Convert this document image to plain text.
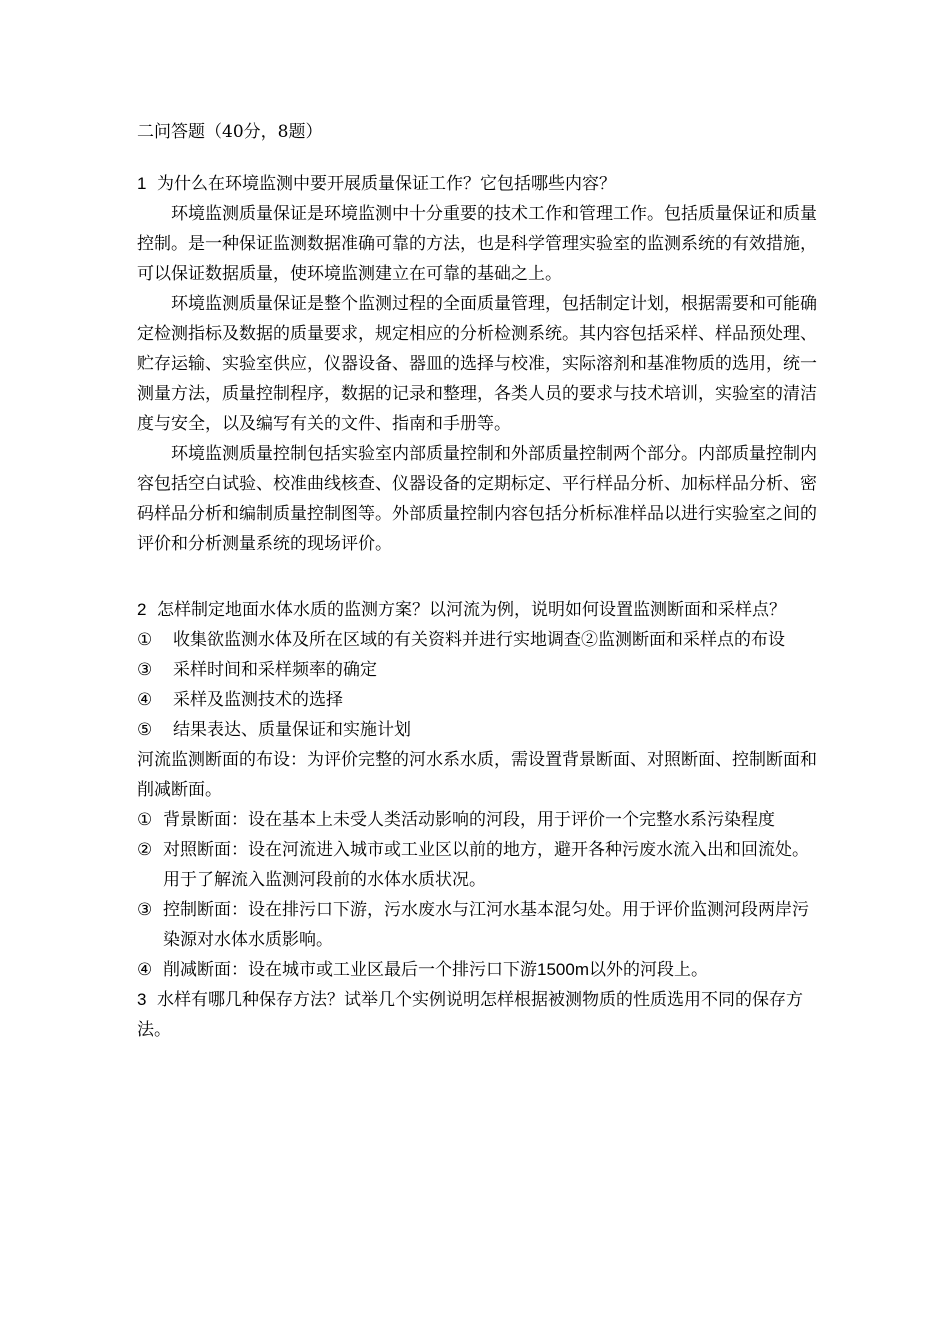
二问答题（40分，8题）

1 为什么在环境监测中要开展质量保证工作？它包括哪些内容？

环境监测质量保证是环境监测中十分重要的技术工作和管理工作。包括质量保证和质量控制。是一种保证监测数据准确可靠的方法，也是科学管理实验室的监测系统的有效措施，可以保证数据质量，使环境监测建立在可靠的基础之上。

环境监测质量保证是整个监测过程的全面质量管理，包括制定计划，根据需要和可能确定检测指标及数据的质量要求，规定相应的分析检测系统。其内容包括采样、样品预处理、贮存运输、实验室供应，仪器设备、器皿的选择与校准，实际溶剂和基准物质的选用，统一测量方法，质量控制程序，数据的记录和整理，各类人员的要求与技术培训，实验室的清洁度与安全，以及编写有关的文件、指南和手册等。

环境监测质量控制包括实验室内部质量控制和外部质量控制两个部分。内部质量控制内容包括空白试验、校准曲线核查、仪器设备的定期标定、平行样品分析、加标样品分析、密码样品分析和编制质量控制图等。外部质量控制内容包括分析标准样品以进行实验室之间的评价和分析测量系统的现场评价。

2 怎样制定地面水体水质的监测方案？以河流为例，说明如何设置监测断面和采样点？

①	收集欲监测水体及所在区域的有关资料并进行实地调查②监测断面和采样点的布设
③	采样时间和采样频率的确定
④	采样及监测技术的选择
⑤	结果表达、质量保证和实施计划

河流监测断面的布设：为评价完整的河水系水质，需设置背景断面、对照断面、控制断面和削减断面。

① 背景断面：设在基本上未受人类活动影响的河段，用于评价一个完整水系污染程度
② 对照断面：设在河流进入城市或工业区以前的地方，避开各种污废水流入出和回流处。用于了解流入监测河段前的水体水质状况。
③ 控制断面：设在排污口下游，污水废水与江河水基本混匀处。用于评价监测河段两岸污染源对水体水质影响。
④ 削减断面：设在城市或工业区最后一个排污口下游1500m以外的河段上。

3 水样有哪几种保存方法？试举几个实例说明怎样根据被测物质的性质选用不同的保存方法。
